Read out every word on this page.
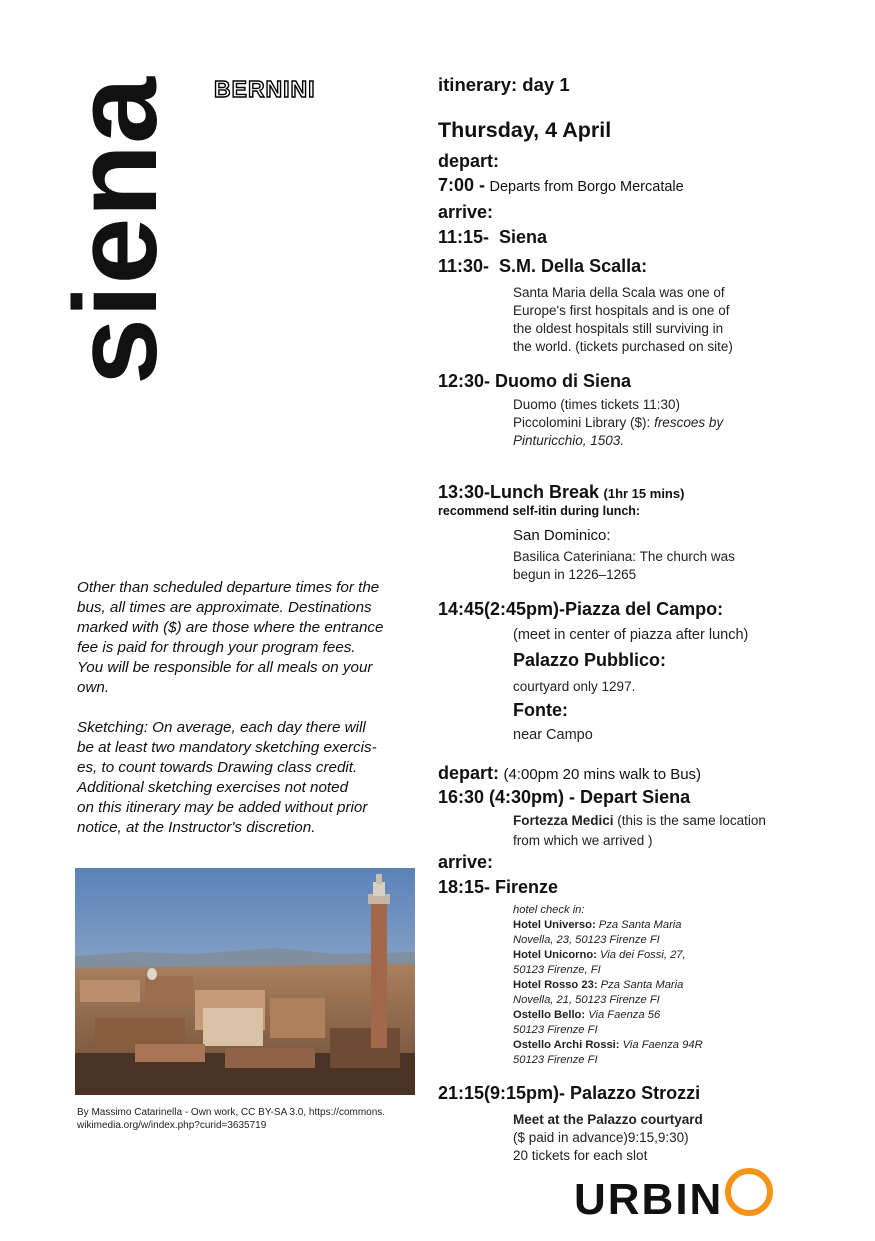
siena BERNINI

Other than scheduled departure times for the

bus, all times are approximate. Destinations

marked with ($) are those where the entrance

fee is paid for through your program fees.

You will be responsible for all meals on your

own.

Sketching: On average, each day there will

be at least two mandatory sketching exercis-

es, to count towards Drawing class credit.

Additional sketching exercises not noted

on this itinerary may be added without prior

notice, at the Instructor's discretion.

By Massimo Catarinella - Own work, CC BY-SA 3.0, https://commons.
wikimedia.org/w/index.php?curid=3635719
itinerary: day 1
Thursday, 4 April
depart:
7:00 - Departs from Borgo Mercatale
arrive:
11:15-  Siena
11:30-  S.M. Della Scalla:
Santa Maria della Scala was one of
Europe's first hospitals and is one of
the oldest hospitals still surviving in
the world. (tickets purchased on site)
12:30- Duomo di Siena
Duomo (times tickets 11:30)
Piccolomini Library ($): frescoes by
Pinturicchio, 1503.
13:30-Lunch Break (1hr 15 mins)
recommend self-itin during lunch:
San Dominico:
Basilica Cateriniana: The church was
begun in 1226–1265
14:45(2:45pm)-Piazza del Campo:
(meet in center of piazza after lunch)
Palazzo Pubblico:
courtyard only 1297.
Fonte:
near Campo
depart: (4:00pm 20 mins walk to Bus)
16:30 (4:30pm) - Depart Siena
Fortezza Medici (this is the same location
from which we arrived )
arrive:
18:15- Firenze
hotel check in:
Hotel Universo: Pza Santa Maria
Novella, 23, 50123 Firenze FI
Hotel Unicorno: Via dei Fossi, 27,
50123 Firenze, FI
Hotel Rosso 23: Pza Santa Maria
Novella, 21, 50123 Firenze FI
Ostello Bello: Via Faenza 56
50123 Firenze FI
Ostello Archi Rossi: Via Faenza 94R
50123 Firenze FI
21:15(9:15pm)- Palazzo Strozzi
Meet at the Palazzo courtyard
($ paid in advance)9:15,9:30)
20 tickets for each slot
URBIN
